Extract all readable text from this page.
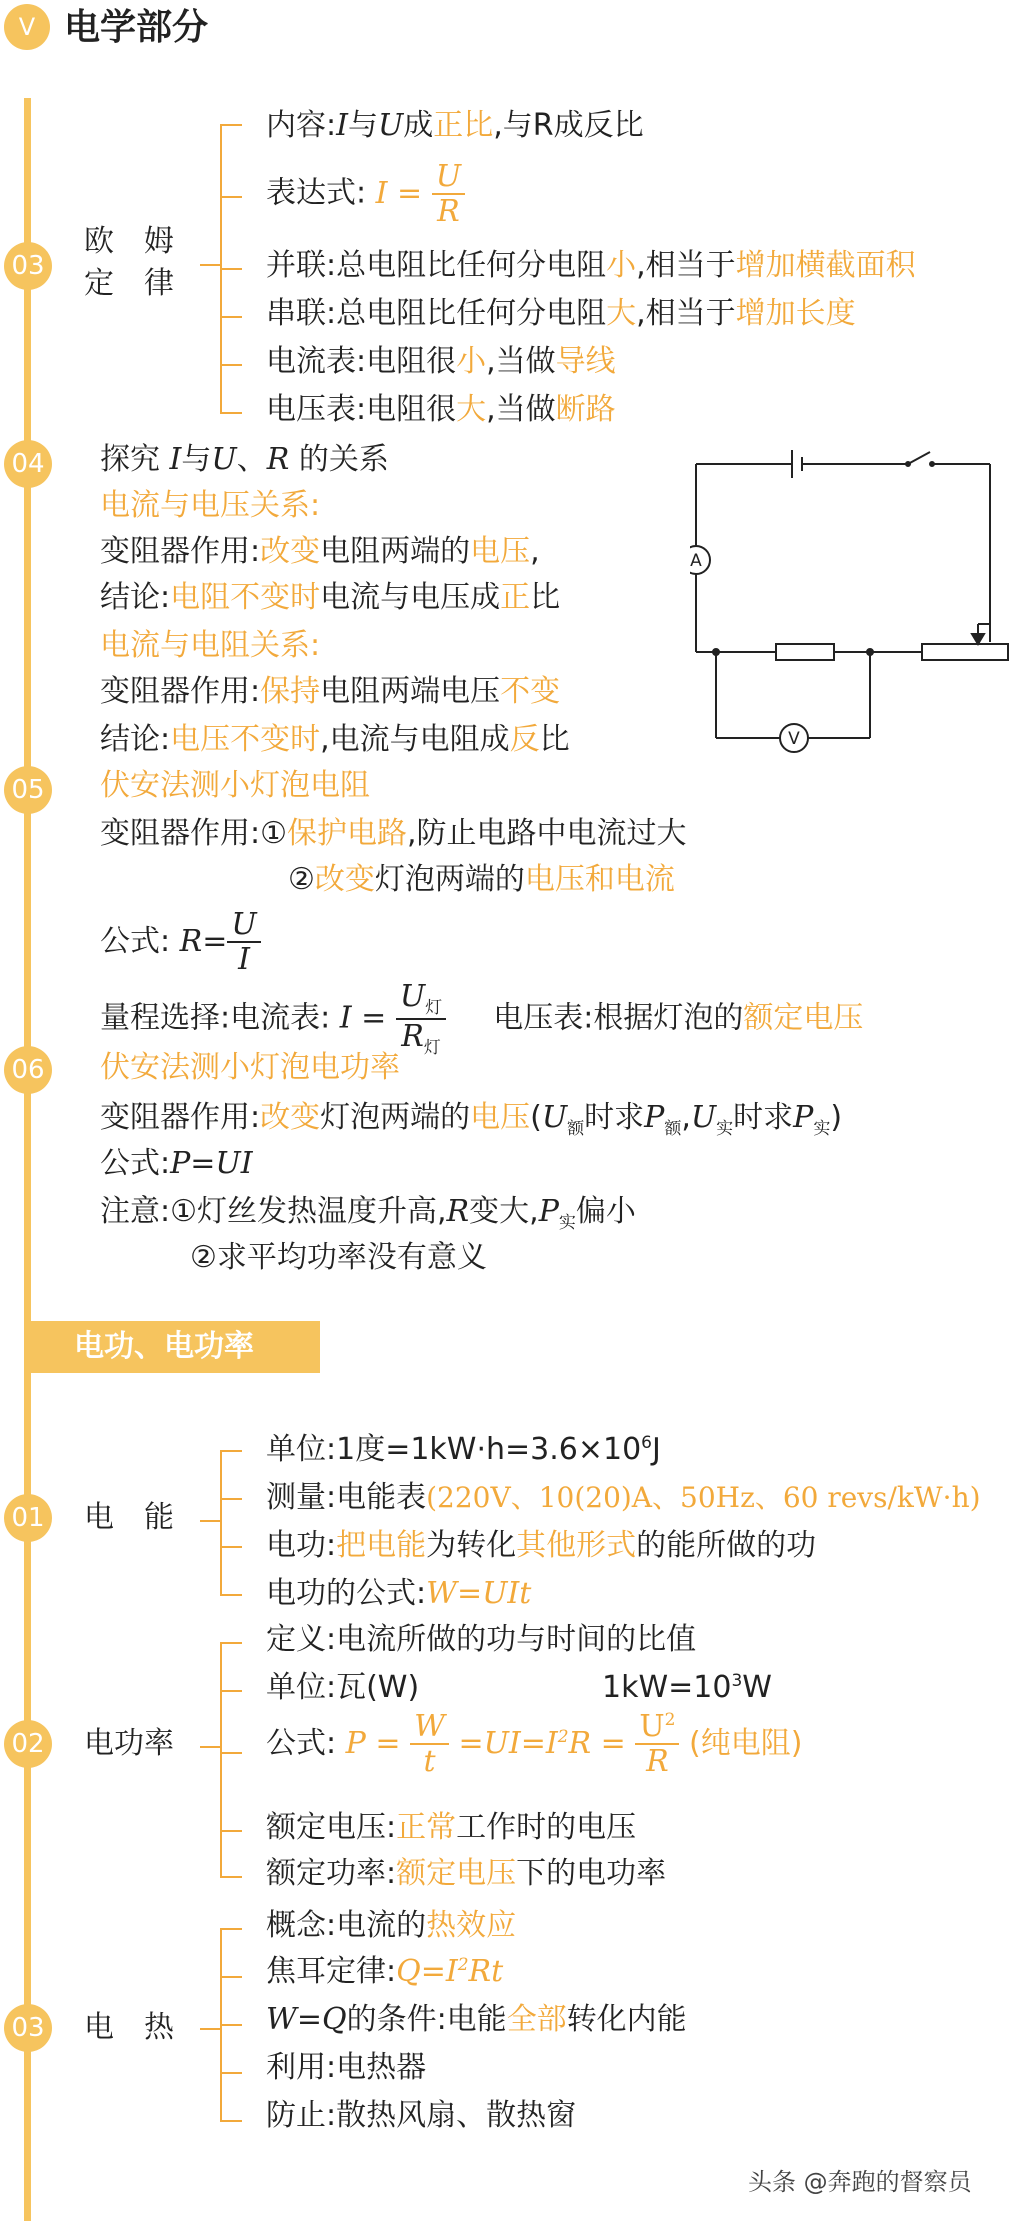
V 电学部分
03
欧　姆
定　律
内容:I与U成正比,与R成反比
表达式: $I = \frac{U}{R}$
并联:总电阻比任何分电阻小,相当于增加横截面积
串联:总电阻比任何分电阻大,相当于增加长度
电流表:电阻很小,当做导线
电压表:电阻很大,当做断路
04 探究 I与U、R 的关系
电流与电压关系:
变阻器作用:改变电阻两端的电压,
结论:电阻不变时电流与电压成正比
电流与电阻关系:
变阻器作用:保持电阻两端电压不变
结论:电压不变时,电流与电阻成反比
A
V
05 伏安法测小灯泡电阻
变阻器作用:①保护电路,防止电路中电流过大
②改变灯泡两端的电压和电流
公式: $R= \frac{U}{I}$
量程选择:电流表: $I = \frac{U_灯}{R_灯}$ 电压表:根据灯泡的额定电压
06 伏安法测小灯泡电功率
变阻器作用:改变灯泡两端的电压($U_额$时求$P_额,U_实$时求$P_实$)
公式:P=UI
注意:①灯丝发热温度升高,R变大$,P_实$偏小
②求平均功率没有意义
电功、电功率
01 电　能
单位:1度$=1kW\cdot h=3.6\times 10^6J$
测量:电能表(220V、10(20)A、50Hz、60 revs/kW·h)
电功:把电能为转化其他形式的能所做的功
电功的公式:W=UIt
02 电功率
定义:电流所做的功与时间的比值
单位:瓦(W)	$1kW=10^3W$
公式: $P = \frac{W}{t} =UI=I^2R = \frac{U^2}{R}$ (纯电阻)
额定电压:正常工作时的电压
额定功率:额定电压下的电功率
03 电　热
概念:电流的热效应
焦耳定律$:Q=I^2Rt$
W=Q的条件:电能全部转化内能
利用:电热器
防止:散热风扇、散热窗
头条 @奔跑的督察员
